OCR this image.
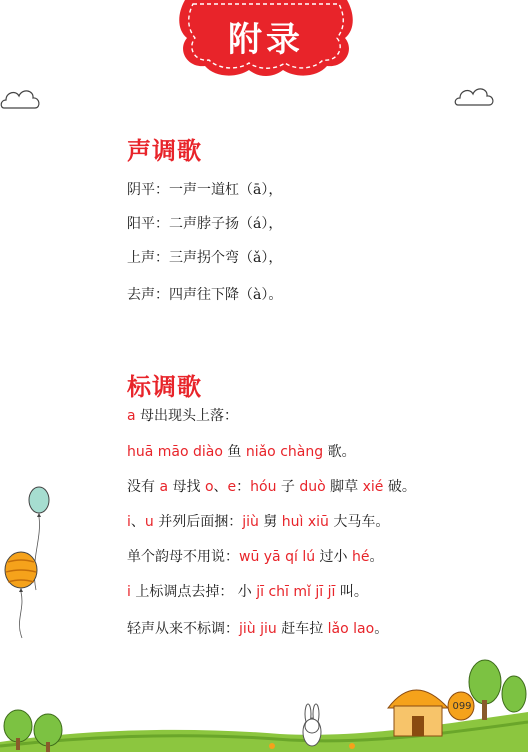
附录
声调歌
阴平：一声一道杠（ā），
阳平：二声脖子扬（á），
上声：三声拐个弯（ǎ），
去声：四声往下降（à）。
标调歌
a 母出现头上落：
huā māo diào 鱼 niǎo chàng 歌。
没有 a 母找 o、e：hóu 子 duò 脚草 xié 破。
i、u 并列后面捆：jiù 舅 huì xiū 大马车。
单个韵母不用说：wū yā qí lú 过小 hé。
i 上标调点去掉： 小 jī chī mǐ jī jī 叫。
轻声从来不标调：jiù jiu 赶车拉 lǎo lao。
099
